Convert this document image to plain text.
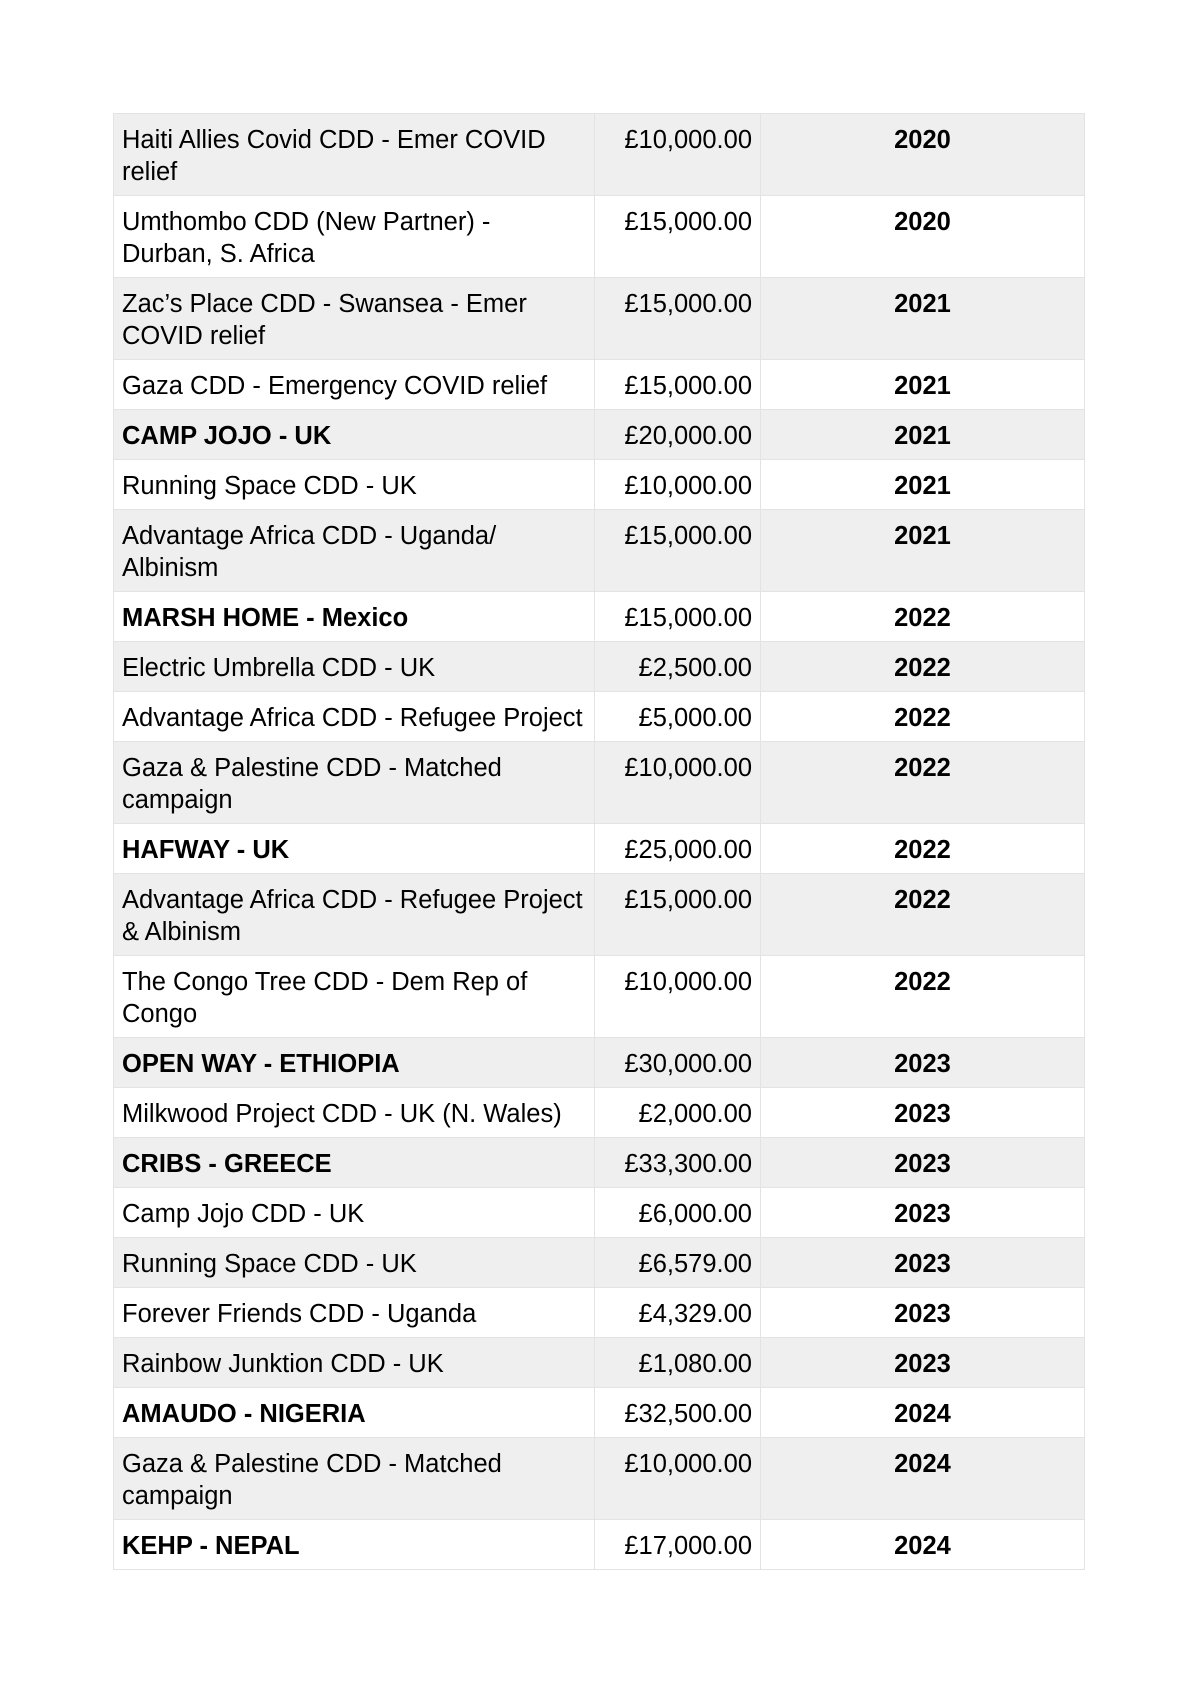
Haiti Allies Covid CDD - Emer COVID relief	£10,000.00	2020
Umthombo CDD (New Partner) - Durban, S. Africa	£15,000.00	2020
Zac’s Place CDD - Swansea - Emer COVID relief	£15,000.00	2021
Gaza CDD - Emergency COVID relief	£15,000.00	2021
CAMP JOJO - UK	£20,000.00	2021
Running Space CDD - UK	£10,000.00	2021
Advantage Africa CDD - Uganda/ Albinism	£15,000.00	2021
MARSH HOME - Mexico	£15,000.00	2022
Electric Umbrella CDD - UK	£2,500.00	2022
Advantage Africa CDD - Refugee Project	£5,000.00	2022
Gaza & Palestine CDD - Matched campaign	£10,000.00	2022
HAFWAY - UK	£25,000.00	2022
Advantage Africa CDD - Refugee Project & Albinism	£15,000.00	2022
The Congo Tree CDD - Dem Rep of Congo	£10,000.00	2022
OPEN WAY - ETHIOPIA	£30,000.00	2023
Milkwood Project CDD - UK (N. Wales)	£2,000.00	2023
CRIBS - GREECE	£33,300.00	2023
Camp Jojo CDD - UK	£6,000.00	2023
Running Space CDD - UK	£6,579.00	2023
Forever Friends CDD - Uganda	£4,329.00	2023
Rainbow Junktion CDD - UK	£1,080.00	2023
AMAUDO - NIGERIA	£32,500.00	2024
Gaza & Palestine CDD - Matched campaign	£10,000.00	2024
KEHP - NEPAL	£17,000.00	2024
